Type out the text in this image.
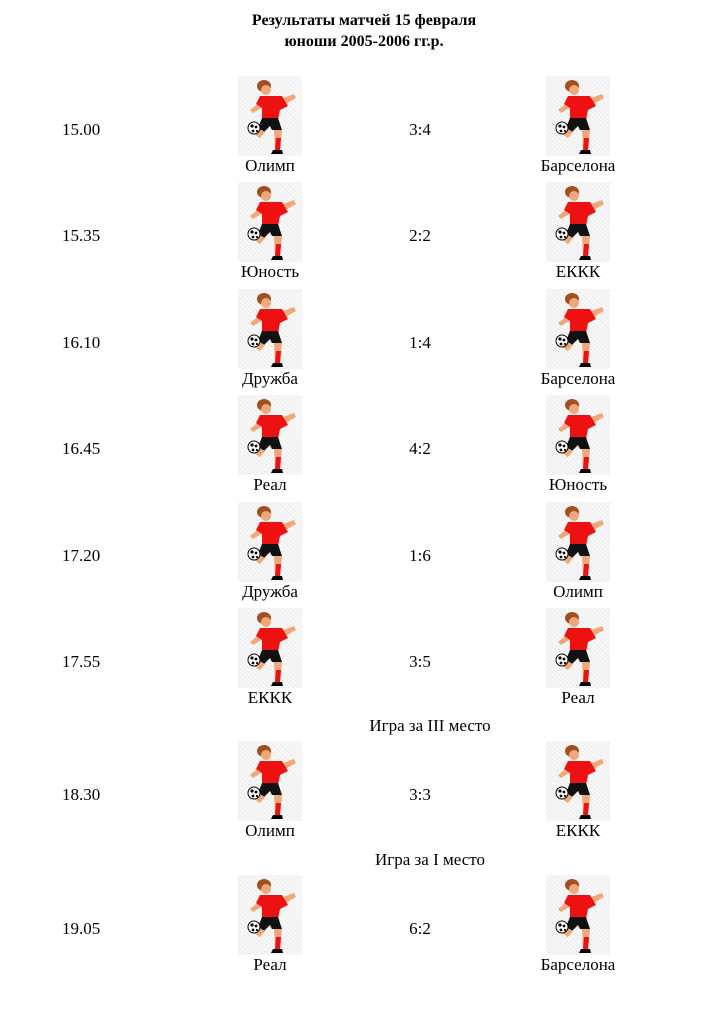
Результаты матчей 15 февраля
юноши 2005-2006 гг.р.
15.00
Олимп
3:4
Барселона
15.35
Юность
2:2
ЕККК
16.10
Дружба
1:4
Барселона
16.45
Реал
4:2
Юность
17.20
Дружба
1:6
Олимп
17.55
ЕККК
3:5
Реал
18.30
Олимп
3:3
ЕККК
19.05
Реал
6:2
Барселона
Игра за III место
Игра за I место
